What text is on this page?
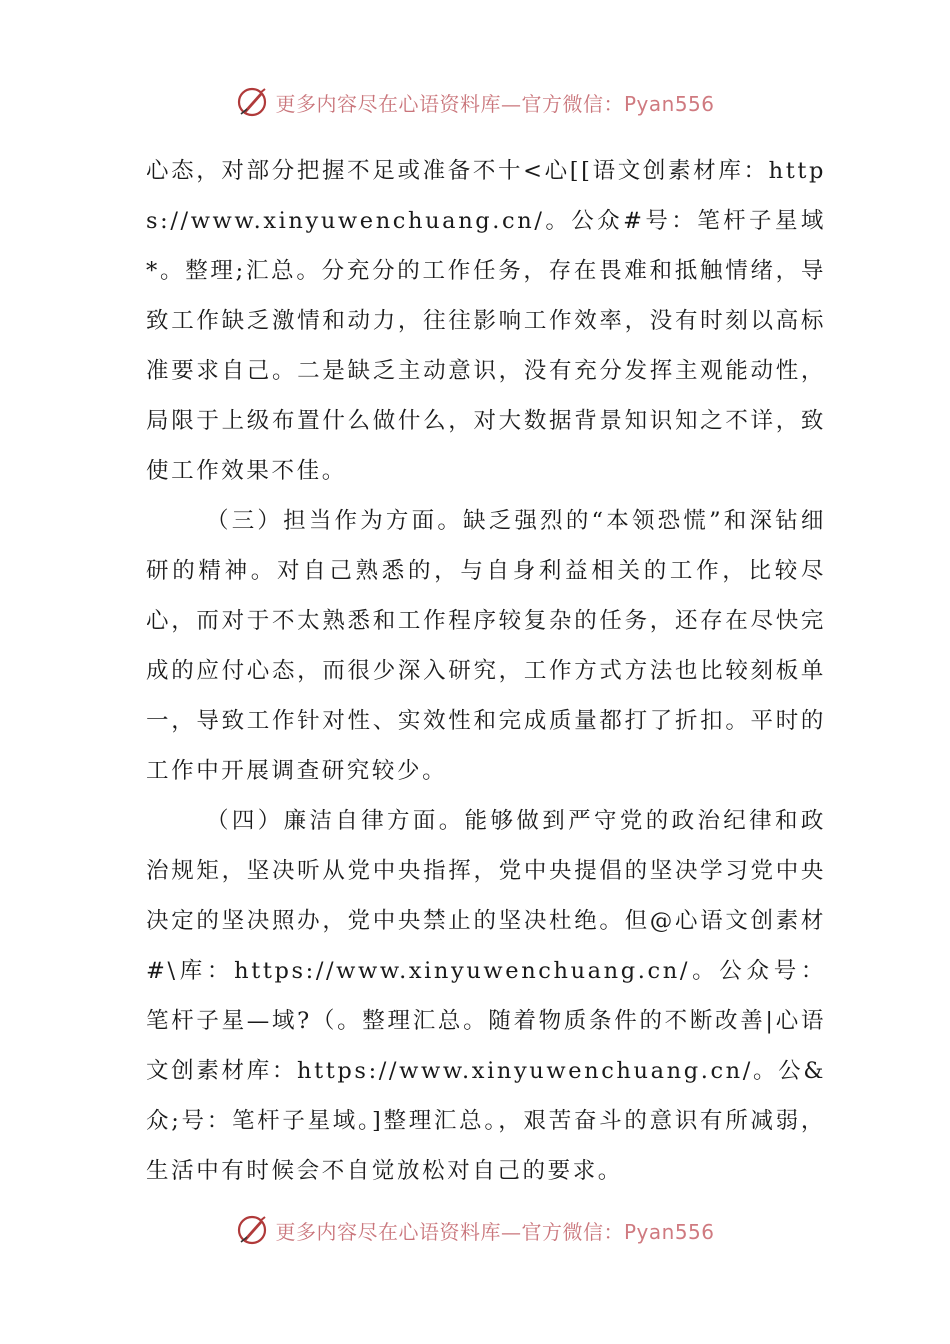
更多内容尽在心语资料库—官方微信：Pyan556

心态，对部分把握不足或准备不十<心[[语文创素材库：https://www.xinyuwenchuang.cn/。公众#号：笔杆子星域*。整理;汇总。分充分的工作任务，存在畏难和抵触情绪，导致工作缺乏激情和动力，往往影响工作效率，没有时刻以高标准要求自己。二是缺乏主动意识，没有充分发挥主观能动性，局限于上级布置什么做什么，对大数据背景知识知之不详，致使工作效果不佳。

（三）担当作为方面。缺乏强烈的“本领恐慌”和深钻细研的精神。对自己熟悉的，与自身利益相关的工作，比较尽心，而对于不太熟悉和工作程序较复杂的任务，还存在尽快完成的应付心态，而很少深入研究，工作方式方法也比较刻板单一，导致工作针对性、实效性和完成质量都打了折扣。平时的工作中开展调查研究较少。

（四）廉洁自律方面。能够做到严守党的政治纪律和政治规矩，坚决听从党中央指挥，党中央提倡的坚决学习党中央决定的坚决照办，党中央禁止的坚决杜绝。但@心语文创素材#\库：https://www.xinyuwenchuang.cn/。公众号：笔杆子星—域?（。整理汇总。随着物质条件的不断改善|心语文创素材库：https://www.xinyuwenchuang.cn/。公&众;号：笔杆子星域。]整理汇总。，艰苦奋斗的意识有所减弱，生活中有时候会不自觉放松对自己的要求。

更多内容尽在心语资料库—官方微信：Pyan556
